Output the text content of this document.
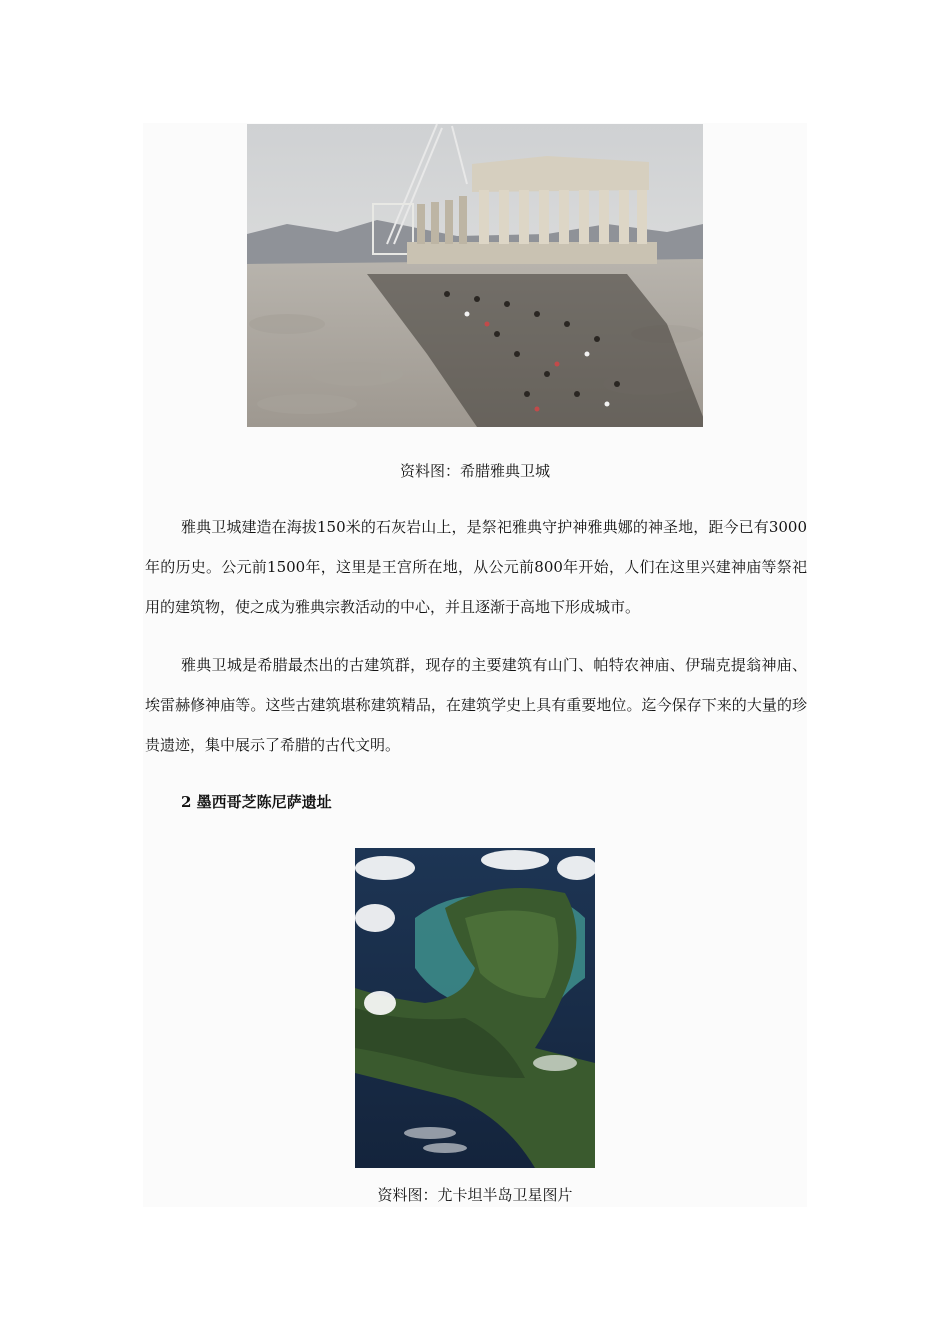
资料图：希腊雅典卫城

雅典卫城建造在海拔150米的石灰岩山上，是祭祀雅典守护神雅典娜的神圣地，距今已有3000年的历史。公元前1500年，这里是王宫所在地，从公元前800年开始，人们在这里兴建神庙等祭祀用的建筑物，使之成为雅典宗教活动的中心，并且逐渐于高地下形成城市。

雅典卫城是希腊最杰出的古建筑群，现存的主要建筑有山门、帕特农神庙、伊瑞克提翁神庙、埃雷赫修神庙等。这些古建筑堪称建筑精品，在建筑学史上具有重要地位。迄今保存下来的大量的珍贵遗迹，集中展示了希腊的古代文明。

2 墨西哥芝陈尼萨遗址
资料图：尤卡坦半岛卫星图片
